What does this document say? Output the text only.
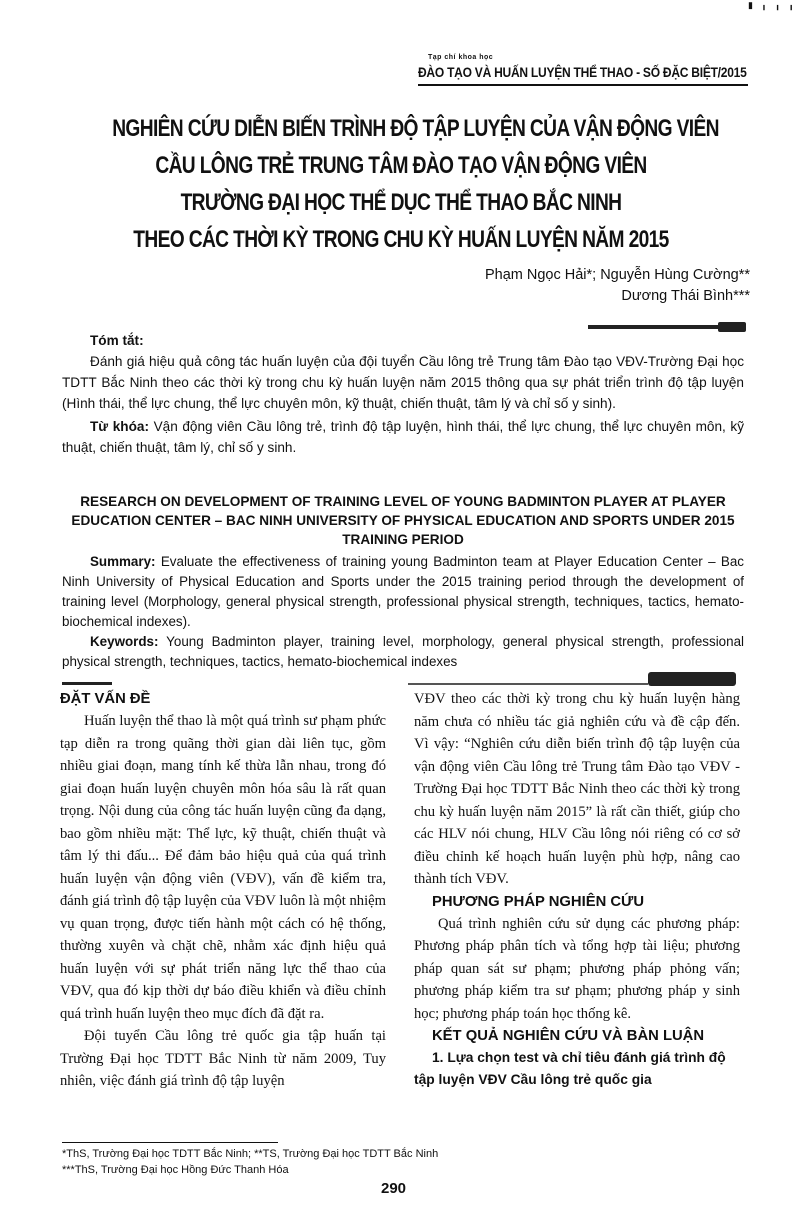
▮ ╻ ╻ ╻
Tạp chí khoa học
ĐÀO TẠO VÀ HUẤN LUYỆN THỂ THAO - SỐ ĐẶC BIỆT/2015
NGHIÊN CỨU DIỄN BIẾN TRÌNH ĐỘ TẬP LUYỆN CỦA VẬN ĐỘNG VIÊN
CẦU LÔNG TRẺ TRUNG TÂM ĐÀO TẠO VẬN ĐỘNG VIÊN
TRƯỜNG ĐẠI HỌC THỂ DỤC THỂ THAO BẮC NINH
THEO CÁC THỜI KỲ TRONG CHU KỲ HUẤN LUYỆN NĂM 2015
Phạm Ngọc Hải*; Nguyễn Hùng Cường**
Dương Thái Bình***
Tóm tắt:

Đánh giá hiệu quả công tác huấn luyện của đội tuyển Cầu lông trẻ Trung tâm Đào tạo VĐV-Trường Đại học TDTT Bắc Ninh theo các thời kỳ trong chu kỳ huấn luyện năm 2015 thông qua sự phát triển trình độ tập luyện (Hình thái, thể lực chung, thể lực chuyên môn, kỹ thuật, chiến thuật, tâm lý và chỉ số y sinh).

Từ khóa: Vận động viên Cầu lông trẻ, trình độ tập luyện, hình thái, thể lực chung, thể lực chuyên môn, kỹ thuật, chiến thuật, tâm lý, chỉ số y sinh.

RESEARCH ON DEVELOPMENT OF TRAINING LEVEL OF YOUNG BADMINTON PLAYER AT PLAYER EDUCATION CENTER – BAC NINH UNIVERSITY OF PHYSICAL EDUCATION AND SPORTS UNDER 2015 TRAINING PERIOD

Summary: Evaluate the effectiveness of training young Badminton team at Player Education Center – Bac Ninh University of Physical Education and Sports under the 2015 training period through the development of training level (Morphology, general physical strength, professional physical strength, techniques, tactics, hemato-biochemical indexes).

Keywords: Young Badminton player, training level, morphology, general physical strength, professional physical strength, techniques, tactics, hemato-biochemical indexes

ĐẶT VẤN ĐỀ

Huấn luyện thể thao là một quá trình sư phạm phức tạp diễn ra trong quãng thời gian dài liên tục, gồm nhiều giai đoạn, mang tính kế thừa lẫn nhau, trong đó giai đoạn huấn luyện chuyên môn hóa sâu là rất quan trọng. Nội dung của công tác huấn luyện cũng đa dạng, bao gồm nhiều mặt: Thể lực, kỹ thuật, chiến thuật và tâm lý thi đấu... Để đảm bảo hiệu quả của quá trình huấn luyện vận động viên (VĐV), vấn đề kiểm tra, đánh giá trình độ tập luyện của VĐV luôn là một nhiệm vụ quan trọng, được tiến hành một cách có hệ thống, thường xuyên và chặt chẽ, nhằm xác định hiệu quả huấn luyện với sự phát triển năng lực thể thao của VĐV, qua đó kịp thời dự báo điều khiển và điều chỉnh quá trình huấn luyện theo mục đích đã đặt ra.

Đội tuyển Cầu lông trẻ quốc gia tập huấn tại Trường Đại học TDTT Bắc Ninh từ năm 2009, Tuy nhiên, việc đánh giá trình độ tập luyện

VĐV theo các thời kỳ trong chu kỳ huấn luyện hàng năm chưa có nhiều tác giả nghiên cứu và đề cập đến. Vì vậy: “Nghiên cứu diễn biến trình độ tập luyện của vận động viên Cầu lông trẻ Trung tâm Đào tạo VĐV - Trường Đại học TDTT Bắc Ninh theo các thời kỳ trong chu kỳ huấn luyện năm 2015” là rất cần thiết, giúp cho các HLV nói chung, HLV Cầu lông nói riêng có cơ sở điều chỉnh kế hoạch huấn luyện phù hợp, nâng cao thành tích VĐV.

PHƯƠNG PHÁP NGHIÊN CỨU

Quá trình nghiên cứu sử dụng các phương pháp: Phương pháp phân tích và tổng hợp tài liệu; phương pháp quan sát sư phạm; phương pháp phỏng vấn; phương pháp kiểm tra sư phạm; phương pháp y sinh học; phương pháp toán học thống kê.

KẾT QUẢ NGHIÊN CỨU VÀ BÀN LUẬN
1. Lựa chọn test và chỉ tiêu đánh giá trình độ tập luyện VĐV Cầu lông trẻ quốc gia
*ThS, Trường Đại học TDTT Bắc Ninh; **TS, Trường Đại học TDTT Bắc Ninh
***ThS, Trường Đại học Hồng Đức Thanh Hóa
290
